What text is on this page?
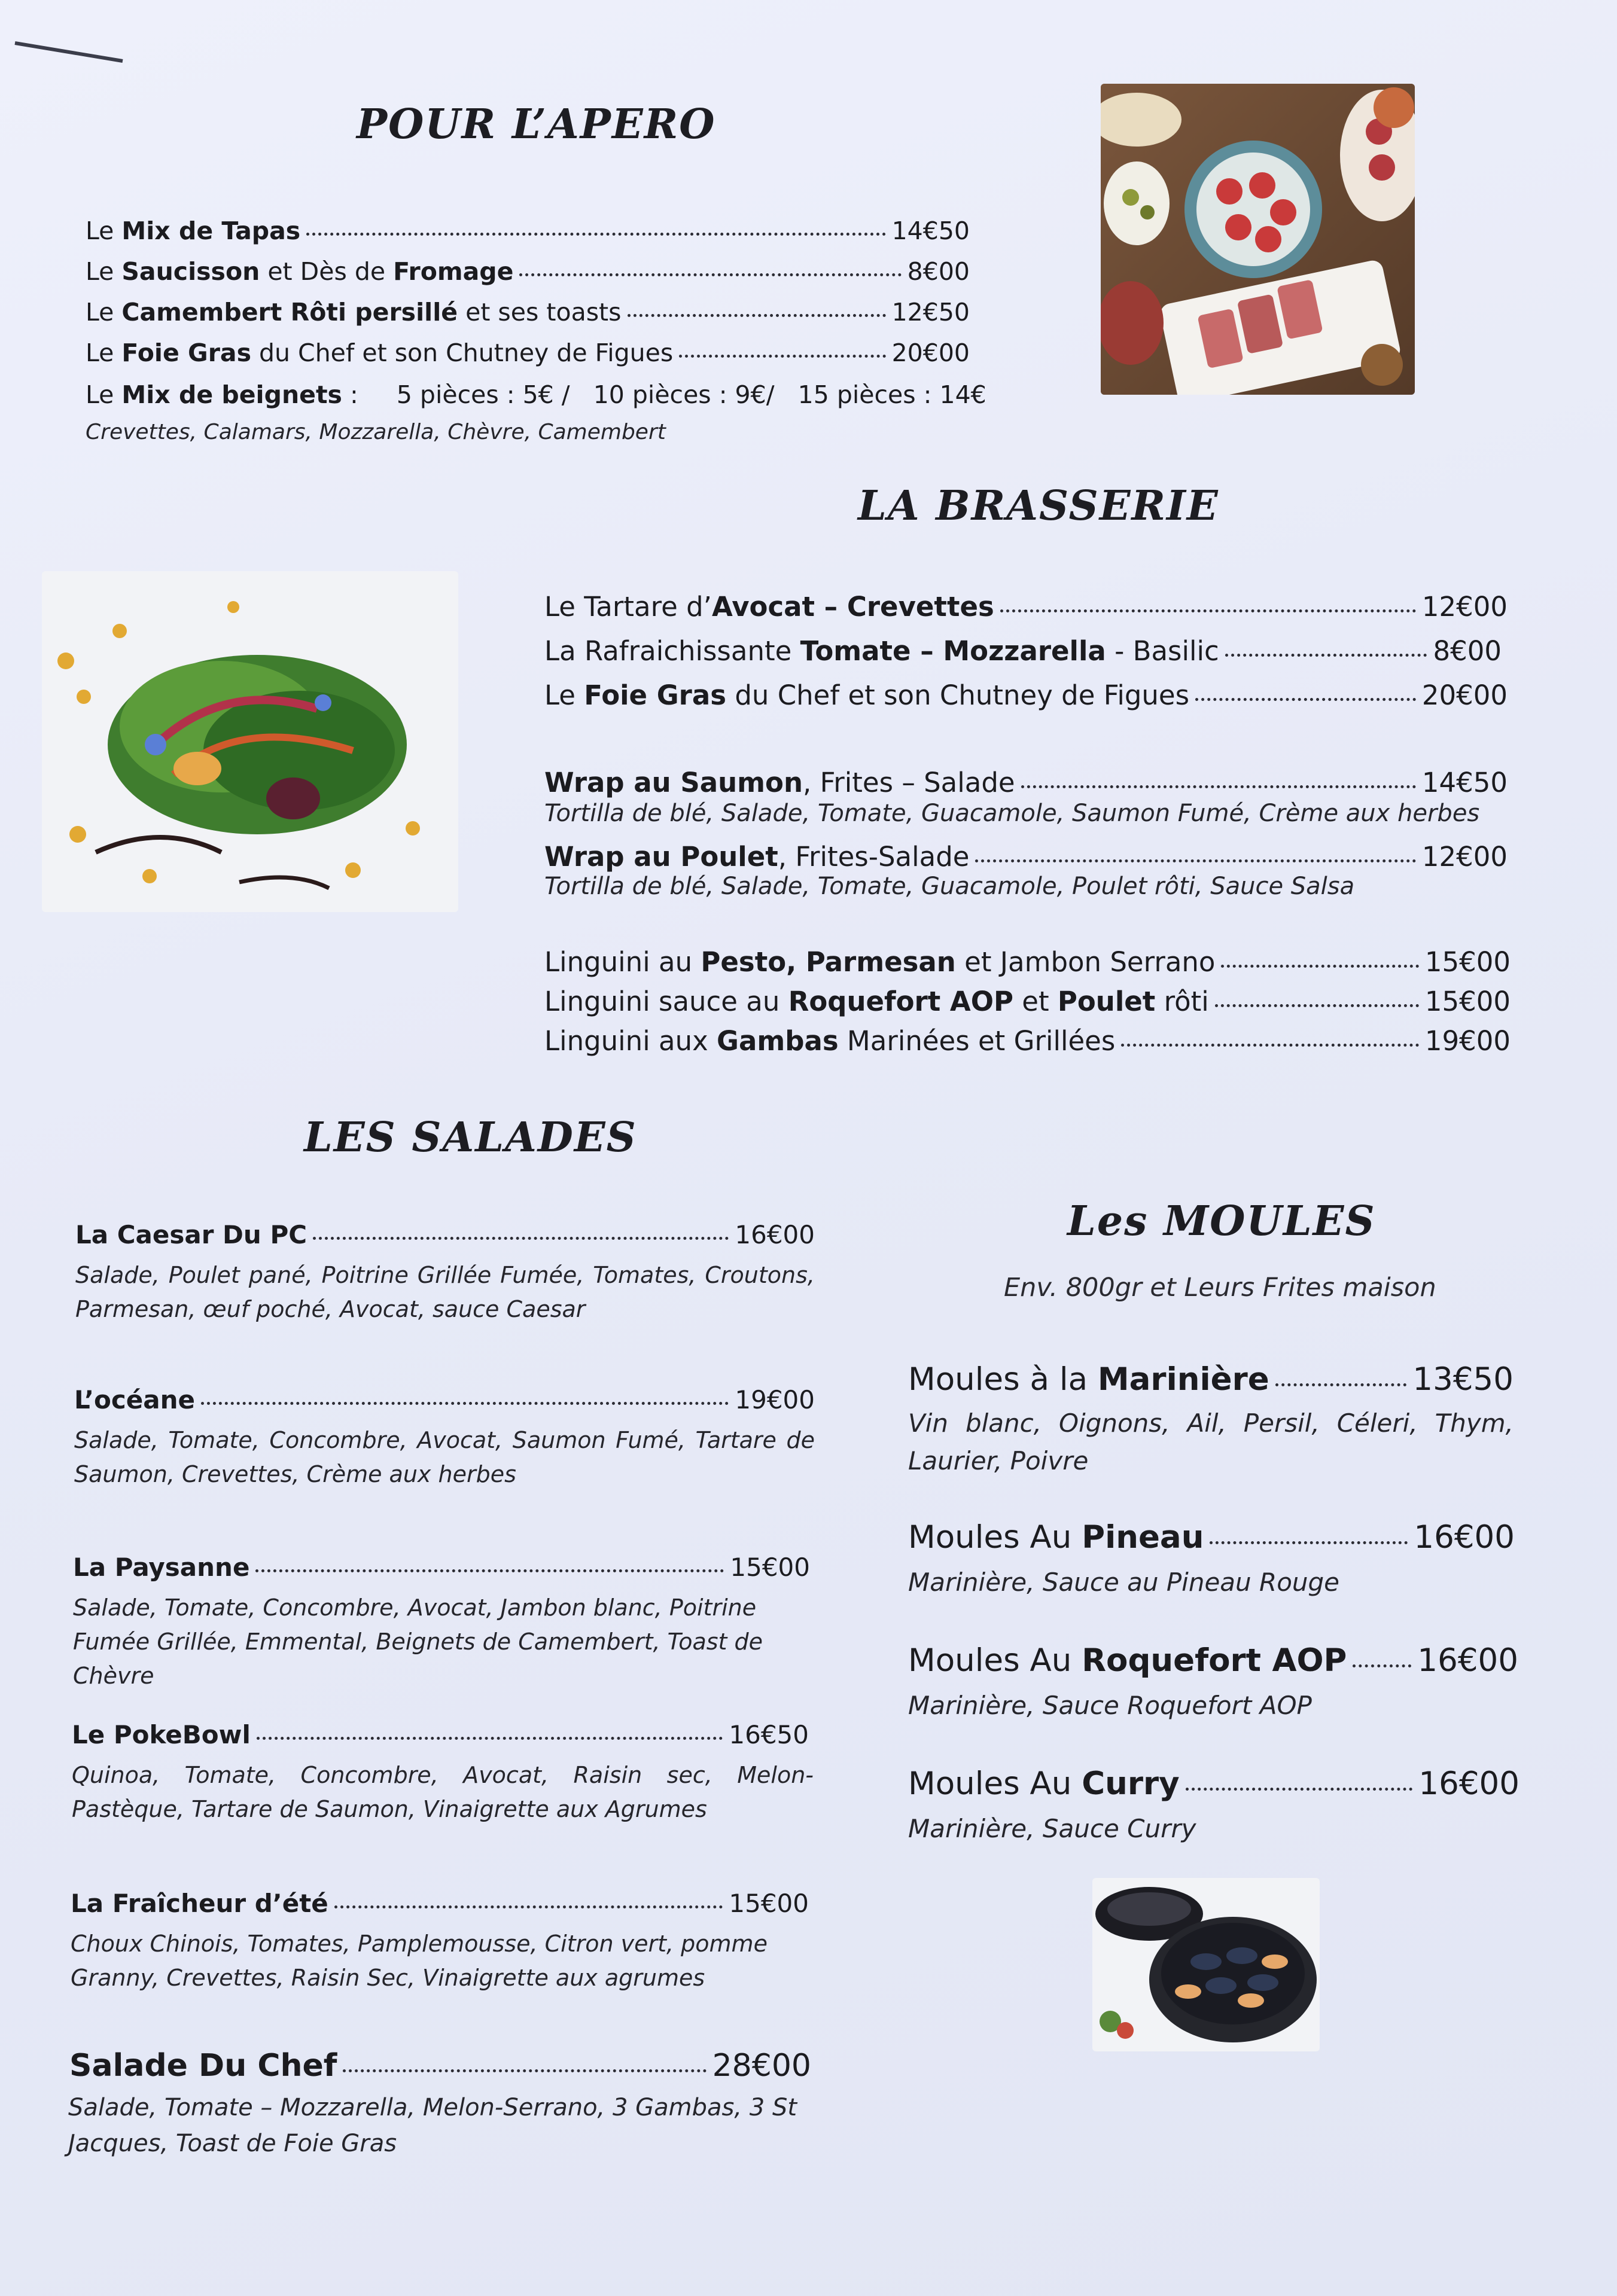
POUR L’APERO
Le Mix de Tapas	14€50
Le Saucisson et Dès de Fromage	8€00
Le Camembert Rôti persillé et ses toasts	12€50
Le Foie Gras du Chef et son Chutney de Figues	20€00
Le Mix de beignets : 5 pièces : 5€ /   10 pièces : 9€/   15 pièces : 14€
Crevettes, Calamars, Mozzarella, Chèvre, Camembert
LA BRASSERIE
Le Tartare d’Avocat – Crevettes	12€00
La Rafraichissante Tomate – Mozzarella - Basilic	8€00
Le Foie Gras du Chef et son Chutney de Figues	20€00
Wrap au Saumon, Frites – Salade	14€50
Tortilla de blé, Salade, Tomate, Guacamole, Saumon Fumé, Crème aux herbes
Wrap au Poulet, Frites-Salade	12€00
Tortilla de blé, Salade, Tomate, Guacamole, Poulet rôti, Sauce Salsa
Linguini au Pesto, Parmesan et Jambon Serrano	15€00
Linguini sauce au Roquefort AOP et Poulet rôti	15€00
Linguini aux Gambas Marinées et Grillées	19€00
LES SALADES
La Caesar Du PC	16€00
Salade, Poulet pané, Poitrine Grillée Fumée, Tomates, Croutons, Parmesan, œuf poché, Avocat, sauce Caesar
L’océane	19€00
Salade, Tomate, Concombre, Avocat, Saumon Fumé, Tartare de Saumon, Crevettes, Crème aux herbes
La Paysanne	15€00
Salade, Tomate, Concombre, Avocat, Jambon blanc, Poitrine Fumée Grillée, Emmental, Beignets de Camembert, Toast de Chèvre
Le PokeBowl	16€50
Quinoa, Tomate, Concombre, Avocat, Raisin sec, Melon-Pastèque, Tartare de Saumon, Vinaigrette aux Agrumes
La Fraîcheur d’été	15€00
Choux Chinois, Tomates, Pamplemousse, Citron vert, pomme Granny, Crevettes, Raisin Sec, Vinaigrette aux agrumes
Salade Du Chef	28€00
Salade, Tomate – Mozzarella, Melon-Serrano, 3 Gambas, 3 St Jacques, Toast de Foie Gras
Les MOULES
Env. 800gr et Leurs Frites maison
Moules à la Marinière	13€50
Vin blanc, Oignons, Ail, Persil, Céleri, Thym, Laurier, Poivre
Moules Au Pineau	16€00
Marinière, Sauce au Pineau Rouge
Moules Au Roquefort AOP 16€00
Marinière, Sauce Roquefort AOP
Moules Au Curry	16€00
Marinière, Sauce Curry
